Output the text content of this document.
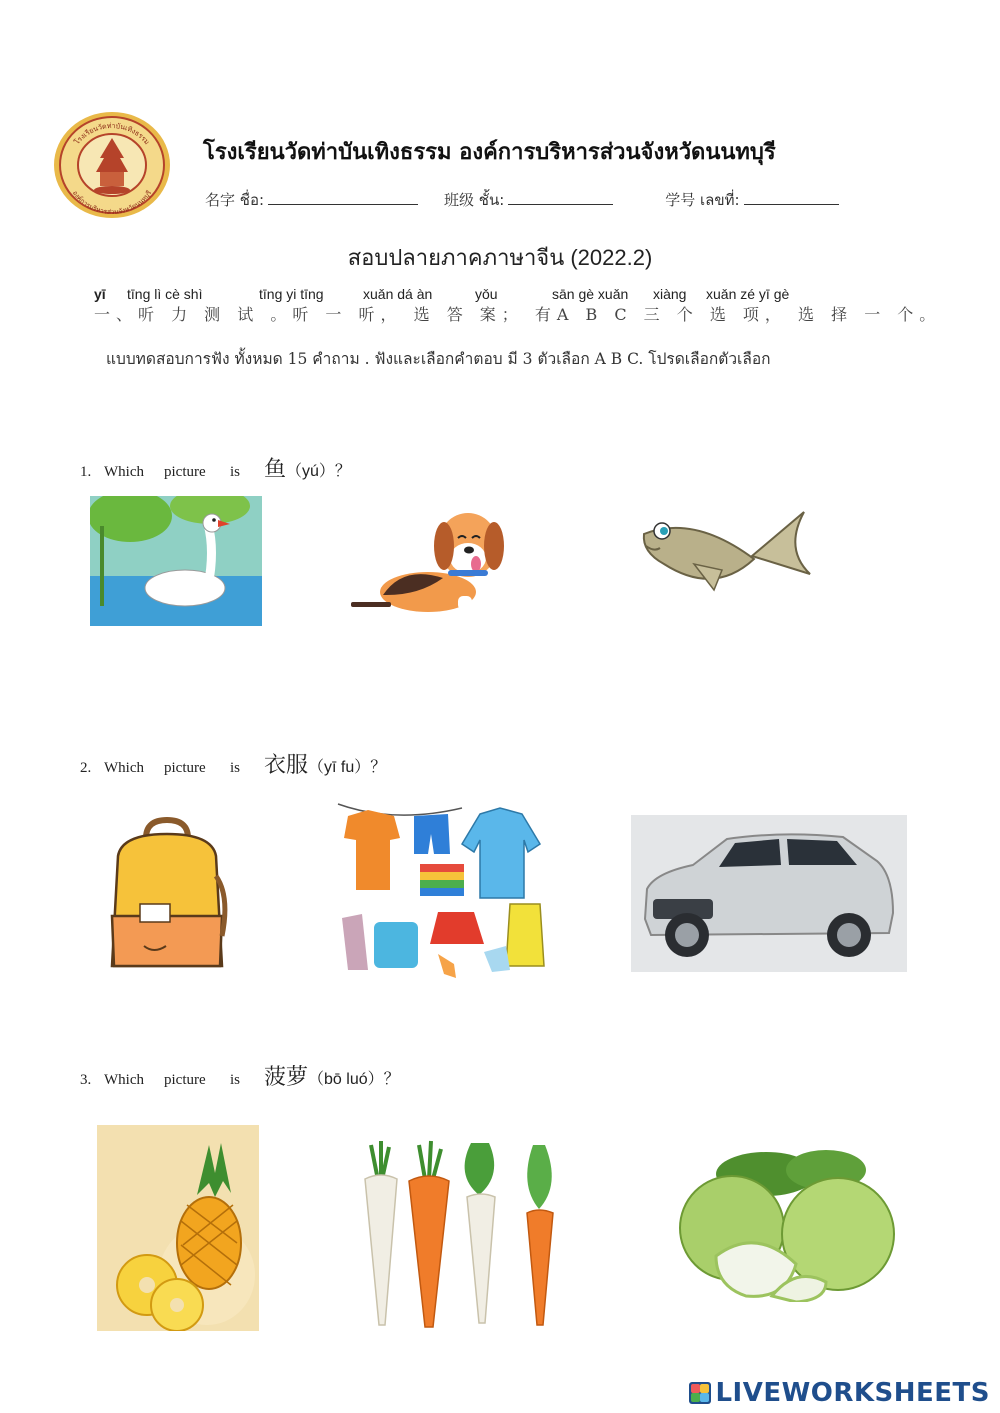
โรงเรียนวัดท่าบันเทิงธรรม
องค์การบริหารส่วนจังหวัดนนทบุรี
โรงเรียนวัดท่าบันเทิงธรรม องค์การบริหารส่วนจังหวัดนนทบุรี
名字 ชื่อ:	班级 ชั้น:	学号 เลขที่:
สอบปลายภาคภาษาจีน (2022.2)
yī tīng lì cè shì	tīng yi tīng	xuǎn dá àn	yǒu	sān gè xuǎn xiàng xuǎn zé yī gè
一、听 力 测 试 。听 一 听， 选 答 案； 有A B C 三 个 选 项， 选 择 一 个。
แบบทดสอบการฟัง ทั้งหมด 15 คำถาม . ฟังและเลือกคำตอบ มี 3 ตัวเลือก A B C. โปรดเลือกตัวเลือก
1. Which picture is 鱼（yú）？
2. Which picture is 衣服（yī fu）？
3. Which picture is 菠萝（bō luó）？
LIVEWORKSHEETS
